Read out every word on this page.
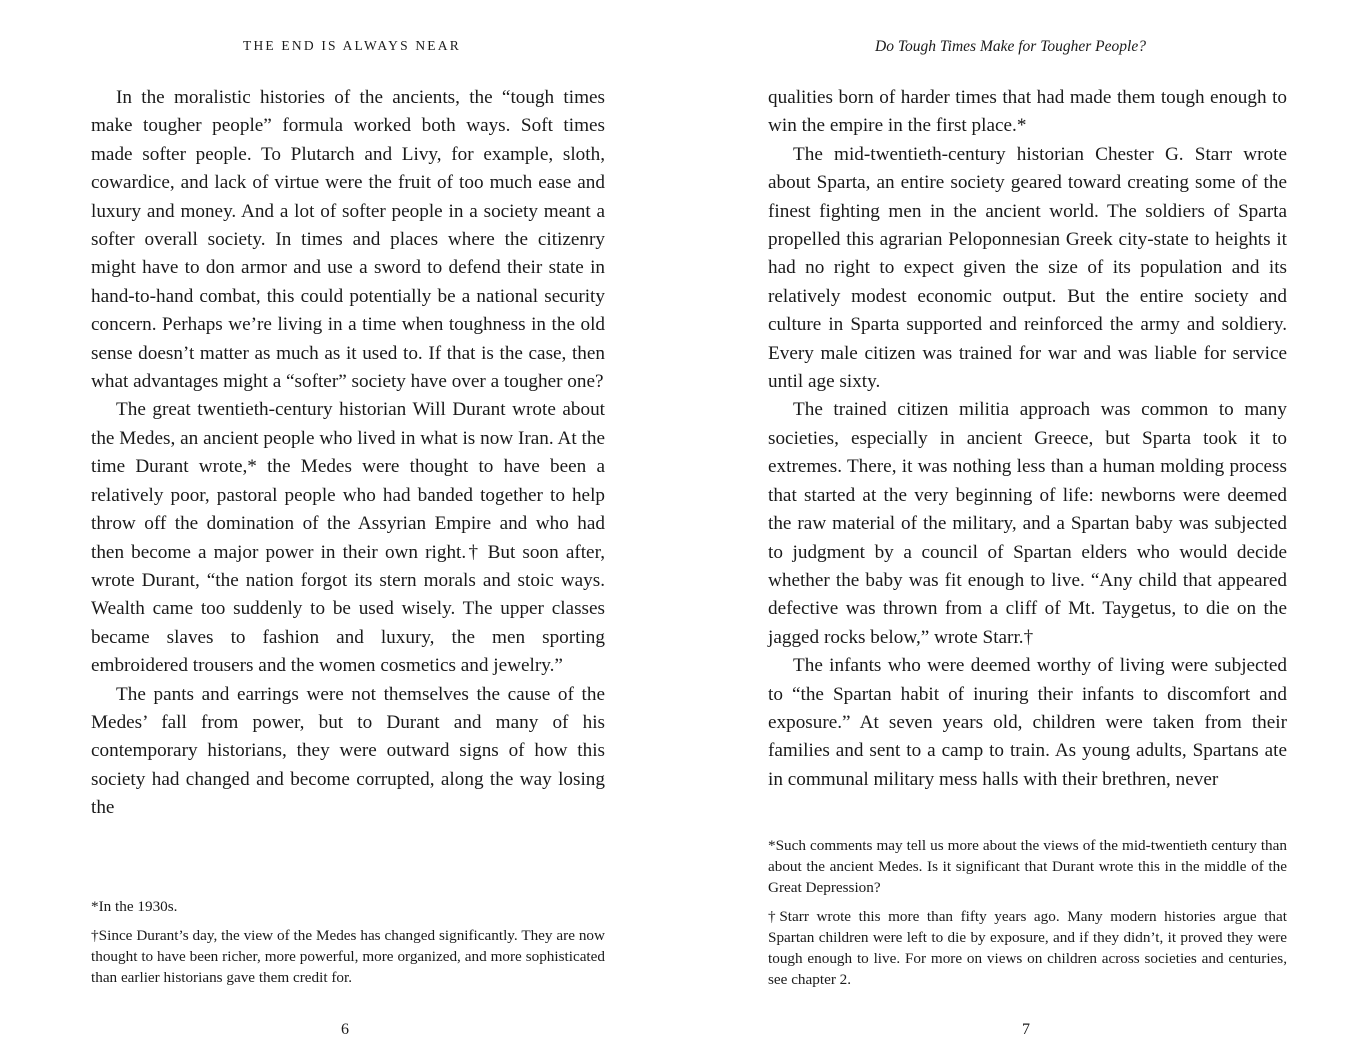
THE END IS ALWAYS NEAR

In the moralistic histories of the ancients, the “tough times make tougher people” formula worked both ways. Soft times made softer people. To Plutarch and Livy, for example, sloth, cowardice, and lack of virtue were the fruit of too much ease and luxury and money. And a lot of softer people in a society meant a softer overall society. In times and places where the citizenry might have to don armor and use a sword to defend their state in hand-to-hand combat, this could potentially be a national security concern. Perhaps we’re living in a time when toughness in the old sense doesn’t matter as much as it used to. If that is the case, then what advantages might a “softer” society have over a tougher one?

The great twentieth-century historian Will Durant wrote about the Medes, an ancient people who lived in what is now Iran. At the time Durant wrote,* the Medes were thought to have been a relatively poor, pastoral people who had banded together to help throw off the domination of the Assyrian Empire and who had then become a major power in their own right.† But soon after, wrote Durant, “the nation forgot its stern morals and stoic ways. Wealth came too suddenly to be used wisely. The upper classes became slaves to fashion and luxury, the men sporting embroidered trousers and the women cosmetics and jewelry.”

The pants and earrings were not themselves the cause of the Medes’ fall from power, but to Durant and many of his contemporary historians, they were outward signs of how this society had changed and become corrupted, along the way losing the

*In the 1930s.

†Since Durant’s day, the view of the Medes has changed significantly. They are now thought to have been richer, more powerful, more organized, and more sophisticated than earlier historians gave them credit for.

6
Do Tough Times Make for Tougher People?

qualities born of harder times that had made them tough enough to win the empire in the first place.*

The mid-twentieth-century historian Chester G. Starr wrote about Sparta, an entire society geared toward creating some of the finest fighting men in the ancient world. The soldiers of Sparta propelled this agrarian Peloponnesian Greek city-state to heights it had no right to expect given the size of its population and its relatively modest economic output. But the entire society and culture in Sparta supported and reinforced the army and soldiery. Every male citizen was trained for war and was liable for service until age sixty.

The trained citizen militia approach was common to many societies, especially in ancient Greece, but Sparta took it to extremes. There, it was nothing less than a human molding process that started at the very beginning of life: newborns were deemed the raw material of the military, and a Spartan baby was subjected to judgment by a council of Spartan elders who would decide whether the baby was fit enough to live. “Any child that appeared defective was thrown from a cliff of Mt. Taygetus, to die on the jagged rocks below,” wrote Starr.†

The infants who were deemed worthy of living were subjected to “the Spartan habit of inuring their infants to discomfort and exposure.” At seven years old, children were taken from their families and sent to a camp to train. As young adults, Spartans ate in communal military mess halls with their brethren, never

*Such comments may tell us more about the views of the mid-twentieth century than about the ancient Medes. Is it significant that Durant wrote this in the middle of the Great Depression?

†Starr wrote this more than fifty years ago. Many modern histories argue that Spartan children were left to die by exposure, and if they didn’t, it proved they were tough enough to live. For more on views on children across societies and centuries, see chapter 2.

7
